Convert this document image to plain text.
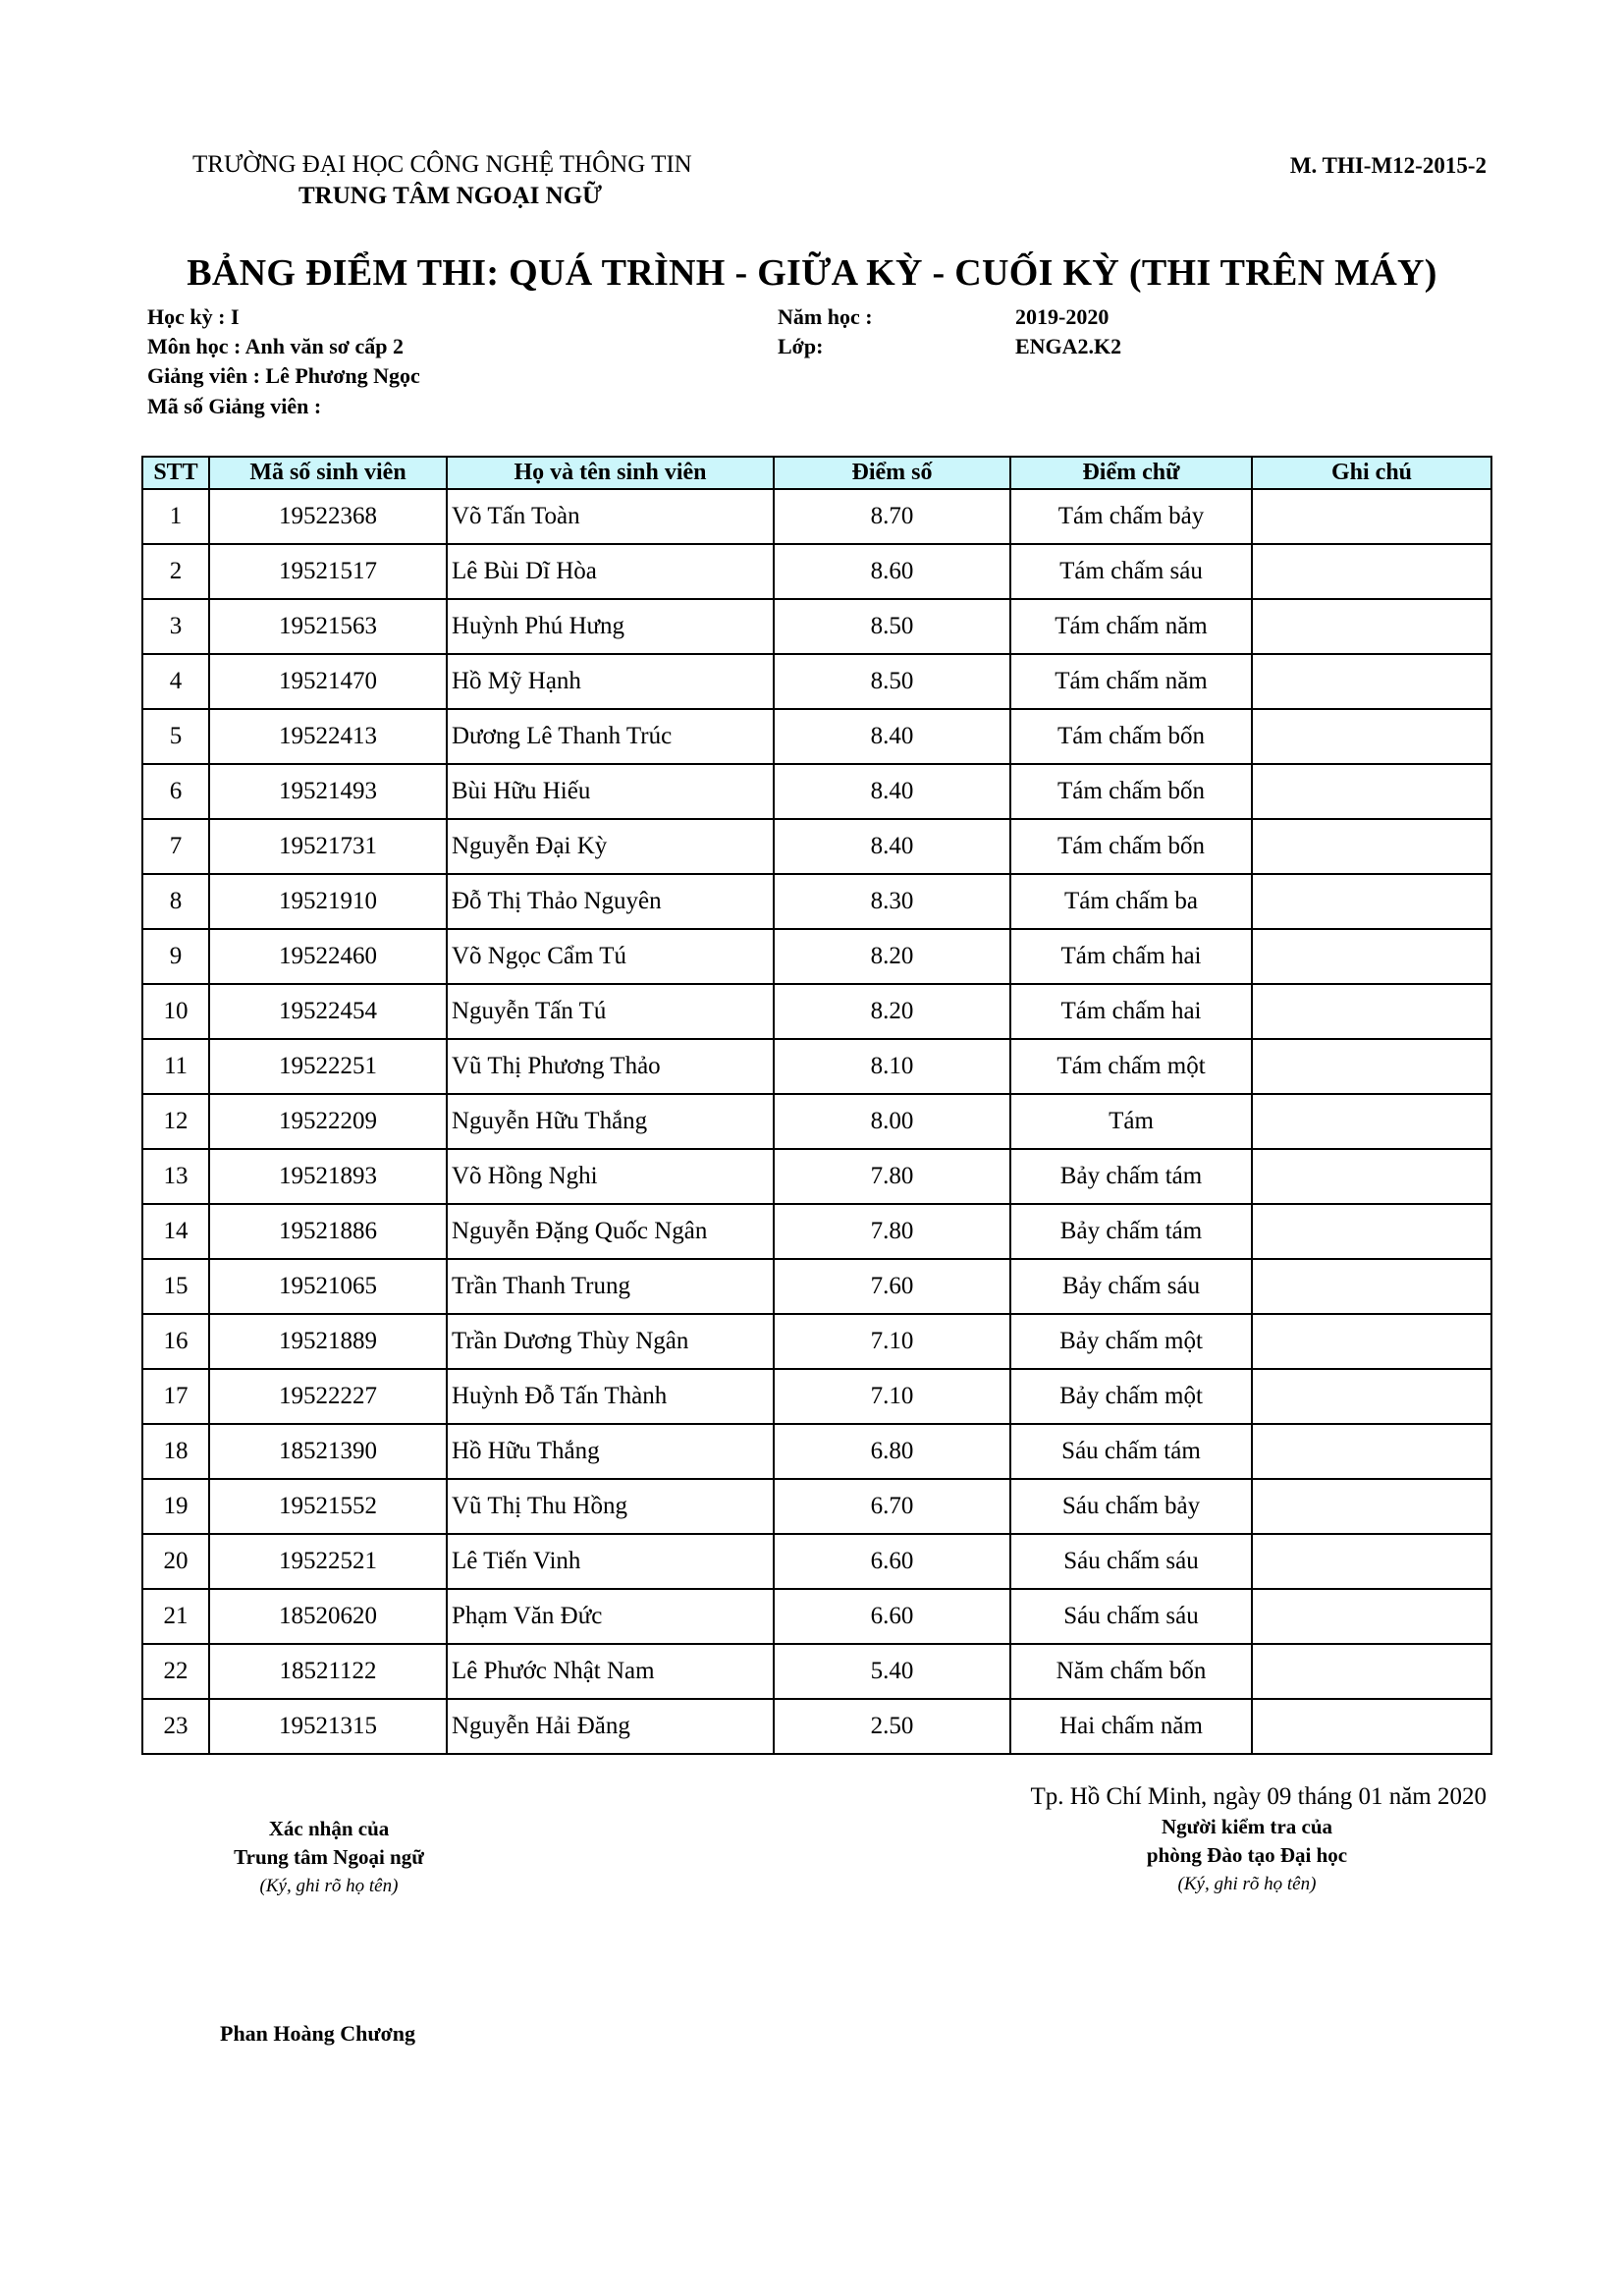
TRƯỜNG ĐẠI HỌC CÔNG NGHỆ THÔNG TIN
TRUNG TÂM NGOẠI NGỮ
M. THI-M12-2015-2
BẢNG ĐIỂM THI: QUÁ TRÌNH - GIỮA KỲ - CUỐI KỲ (THI TRÊN MÁY)
Học kỳ : I
Môn học : Anh văn sơ cấp 2
Giảng viên : Lê Phương Ngọc
Mã số Giảng viên :
Năm học :	2019-2020
Lớp:	ENGA2.K2
STT	Mã số sinh viên	Họ và tên sinh viên	Điểm số	Điểm chữ	Ghi chú
1	19522368	Võ Tấn Toàn	8.70	Tám chấm bảy	
2	19521517	Lê Bùi Dĩ Hòa	8.60	Tám chấm sáu	
3	19521563	Huỳnh Phú Hưng	8.50	Tám chấm năm	
4	19521470	Hồ Mỹ Hạnh	8.50	Tám chấm năm	
5	19522413	Dương Lê Thanh Trúc	8.40	Tám chấm bốn	
6	19521493	Bùi Hữu Hiếu	8.40	Tám chấm bốn	
7	19521731	Nguyễn Đại Kỳ	8.40	Tám chấm bốn	
8	19521910	Đỗ Thị Thảo Nguyên	8.30	Tám chấm ba	
9	19522460	Võ Ngọc Cẩm Tú	8.20	Tám chấm hai	
10	19522454	Nguyễn Tấn Tú	8.20	Tám chấm hai	
11	19522251	Vũ Thị Phương Thảo	8.10	Tám chấm một	
12	19522209	Nguyễn Hữu Thắng	8.00	Tám	
13	19521893	Võ Hồng Nghi	7.80	Bảy chấm tám	
14	19521886	Nguyễn Đặng Quốc Ngân	7.80	Bảy chấm tám	
15	19521065	Trần Thanh Trung	7.60	Bảy chấm sáu	
16	19521889	Trần Dương Thùy Ngân	7.10	Bảy chấm một	
17	19522227	Huỳnh Đỗ Tấn Thành	7.10	Bảy chấm một	
18	18521390	Hồ Hữu Thắng	6.80	Sáu chấm tám	
19	19521552	Vũ Thị Thu Hồng	6.70	Sáu chấm bảy	
20	19522521	Lê Tiến Vinh	6.60	Sáu chấm sáu	
21	18520620	Phạm Văn Đức	6.60	Sáu chấm sáu	
22	18521122	Lê Phước Nhật Nam	5.40	Năm chấm bốn	
23	19521315	Nguyễn Hải Đăng	2.50	Hai chấm năm	
Tp. Hồ Chí Minh, ngày 09 tháng 01 năm 2020
Xác nhận của
Trung tâm Ngoại ngữ
(Ký, ghi rõ họ tên)
Người kiểm tra của
phòng Đào tạo Đại học
(Ký, ghi rõ họ tên)
Phan Hoàng Chương
